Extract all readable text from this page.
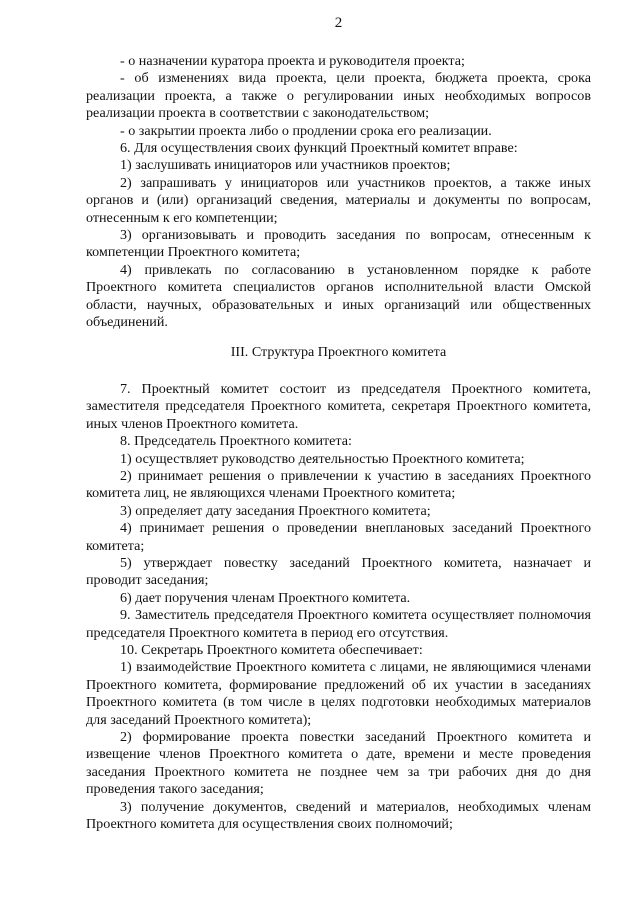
2

- о назначении куратора проекта и руководителя проекта;

- об изменениях вида проекта, цели проекта, бюджета проекта, срока реализации проекта, а также о регулировании иных необходимых вопросов реализации проекта в соответствии с законодательством;

- о закрытии проекта либо о продлении срока его реализации.

6. Для осуществления своих функций Проектный комитет вправе:

1) заслушивать инициаторов или участников проектов;

2) запрашивать у инициаторов или участников проектов, а также иных органов и (или) организаций сведения, материалы и документы по вопросам, отнесенным к его компетенции;

3) организовывать и проводить заседания по вопросам, отнесенным к компетенции Проектного комитета;

4) привлекать по согласованию в установленном порядке к работе Проектного комитета специалистов органов исполнительной власти Омской области, научных, образовательных и иных организаций или общественных объединений.

III. Структура Проектного комитета

7. Проектный комитет состоит из председателя Проектного комитета, заместителя председателя Проектного комитета, секретаря Проектного комитета, иных членов Проектного комитета.

8. Председатель Проектного комитета:

1) осуществляет руководство деятельностью Проектного комитета;

2) принимает решения о привлечении к участию в заседаниях Проектного комитета лиц, не являющихся членами Проектного комитета;

3) определяет дату заседания Проектного комитета;

4) принимает решения о проведении внеплановых заседаний Проектного комитета;

5) утверждает повестку заседаний Проектного комитета, назначает и проводит заседания;

6) дает поручения членам Проектного комитета.

9. Заместитель председателя Проектного комитета осуществляет полномочия председателя Проектного комитета в период его отсутствия.

10. Секретарь Проектного комитета обеспечивает:

1) взаимодействие Проектного комитета с лицами, не являющимися членами Проектного комитета, формирование предложений об их участии в заседаниях Проектного комитета (в том числе в целях подготовки необходимых материалов для заседаний Проектного комитета);

2) формирование проекта повестки заседаний Проектного комитета и извещение членов Проектного комитета о дате, времени и месте проведения заседания Проектного комитета не позднее чем за три рабочих дня до дня проведения такого заседания;

3) получение документов, сведений и материалов, необходимых членам Проектного комитета для осуществления своих полномочий;
